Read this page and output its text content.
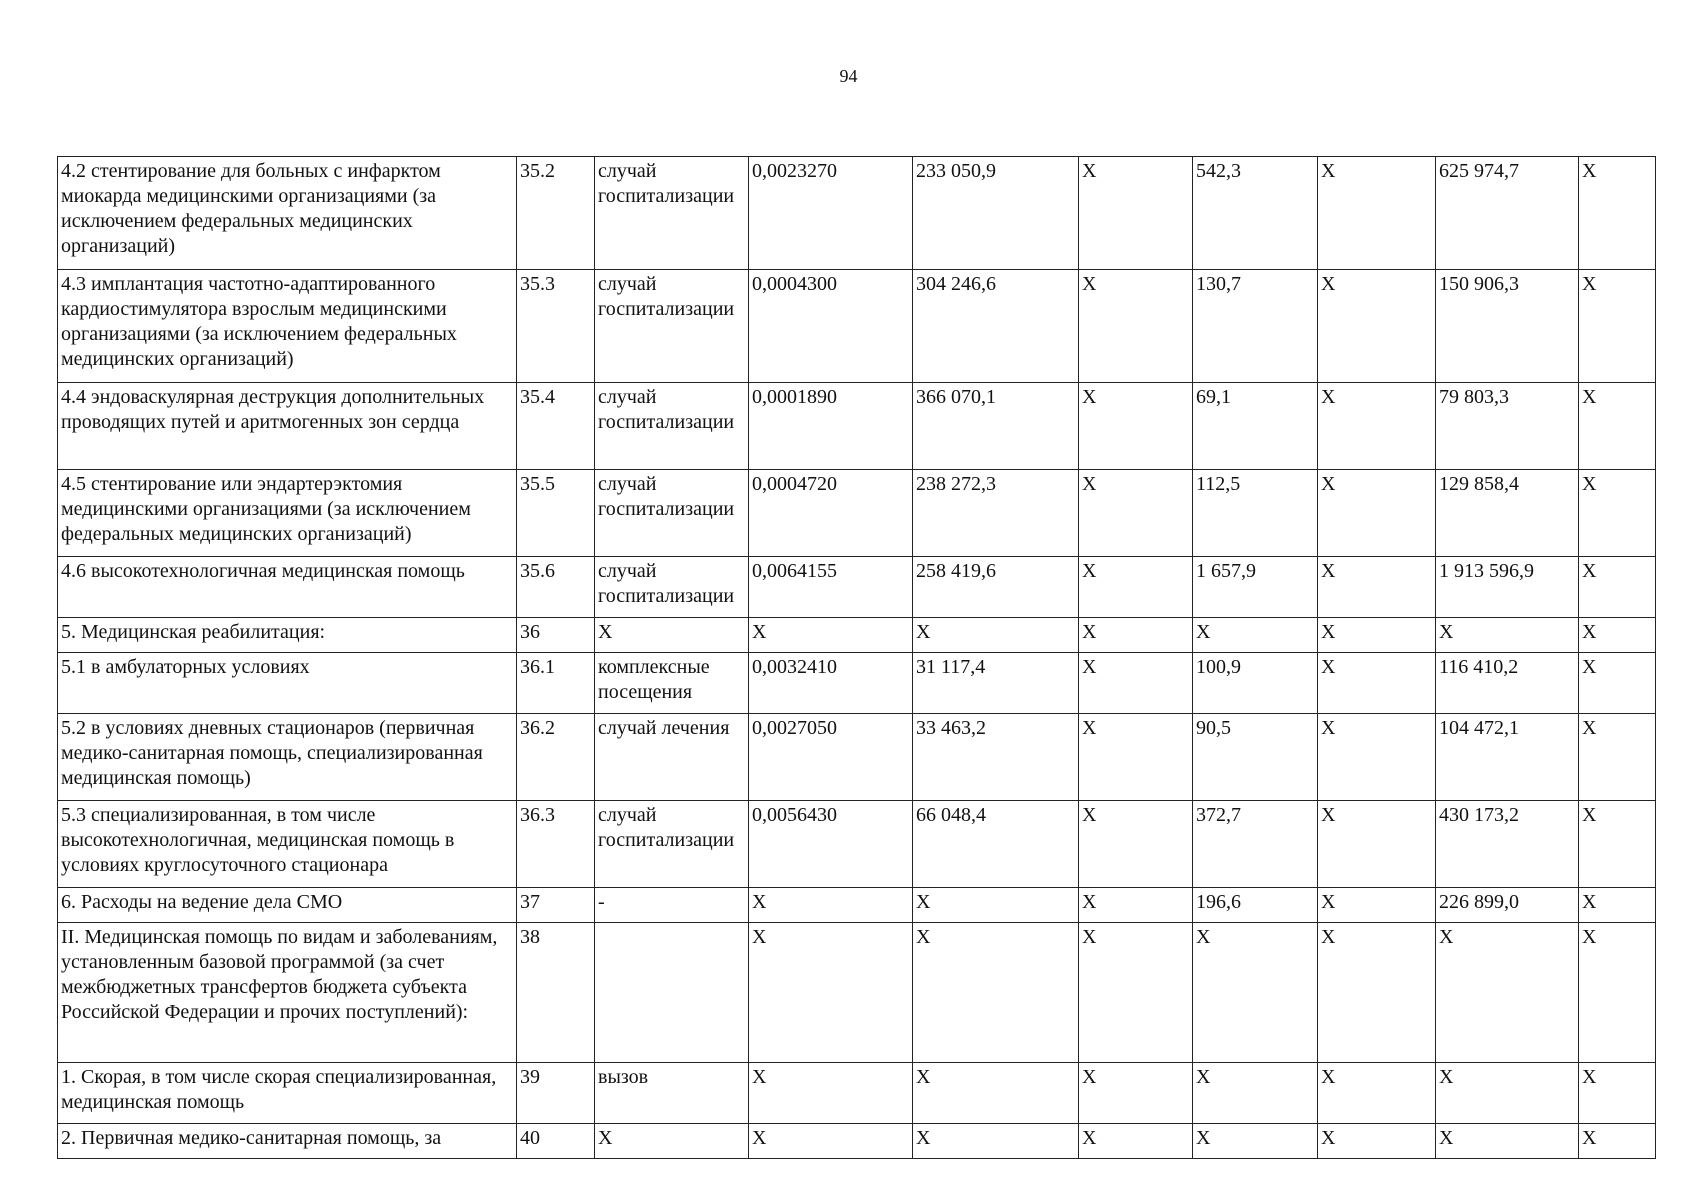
94
4.2 стентирование для больных с инфарктом миокарда медицинскими организациями (за исключением федеральных медицинских организаций)	35.2	случай госпитализации	0,0023270	233 050,9	X	542,3	X	625 974,7	X
4.3 имплантация частотно-адаптированного кардиостимулятора взрослым медицинскими организациями (за исключением федеральных медицинских организаций)	35.3	случай госпитализации	0,0004300	304 246,6	X	130,7	X	150 906,3	X
4.4 эндоваскулярная деструкция дополнительных проводящих путей и аритмогенных зон сердца	35.4	случай госпитализации	0,0001890	366 070,1	X	69,1	X	79 803,3	X
4.5 стентирование или эндартерэктомия медицинскими организациями (за исключением федеральных медицинских организаций)	35.5	случай госпитализации	0,0004720	238 272,3	X	112,5	X	129 858,4	X
4.6 высокотехнологичная медицинская помощь	35.6	случай госпитализации	0,0064155	258 419,6	X	1 657,9	X	1 913 596,9	X
5. Медицинская реабилитация:	36	X	X	X	X	X	X	X	X
5.1 в амбулаторных условиях	36.1	комплексные посещения	0,0032410	31 117,4	X	100,9	X	116 410,2	X
5.2 в условиях дневных стационаров (первичная медико-санитарная помощь, специализированная медицинская помощь)	36.2	случай лечения	0,0027050	33 463,2	X	90,5	X	104 472,1	X
5.3 специализированная, в том числе высокотехнологичная, медицинская помощь в условиях круглосуточного стационара	36.3	случай госпитализации	0,0056430	66 048,4	X	372,7	X	430 173,2	X
6. Расходы на ведение дела СМО	37	-	X	X	X	196,6	X	226 899,0	X
II. Медицинская помощь по видам и заболеваниям, установленным базовой программой (за счет межбюджетных трансфертов бюджета субъекта Российской Федерации и прочих поступлений):	38		X	X	X	X	X	X	X
1. Скорая, в том числе скорая специализированная, медицинская помощь	39	вызов	X	X	X	X	X	X	X
2. Первичная медико-санитарная помощь, за	40	X	X	X	X	X	X	X	X
